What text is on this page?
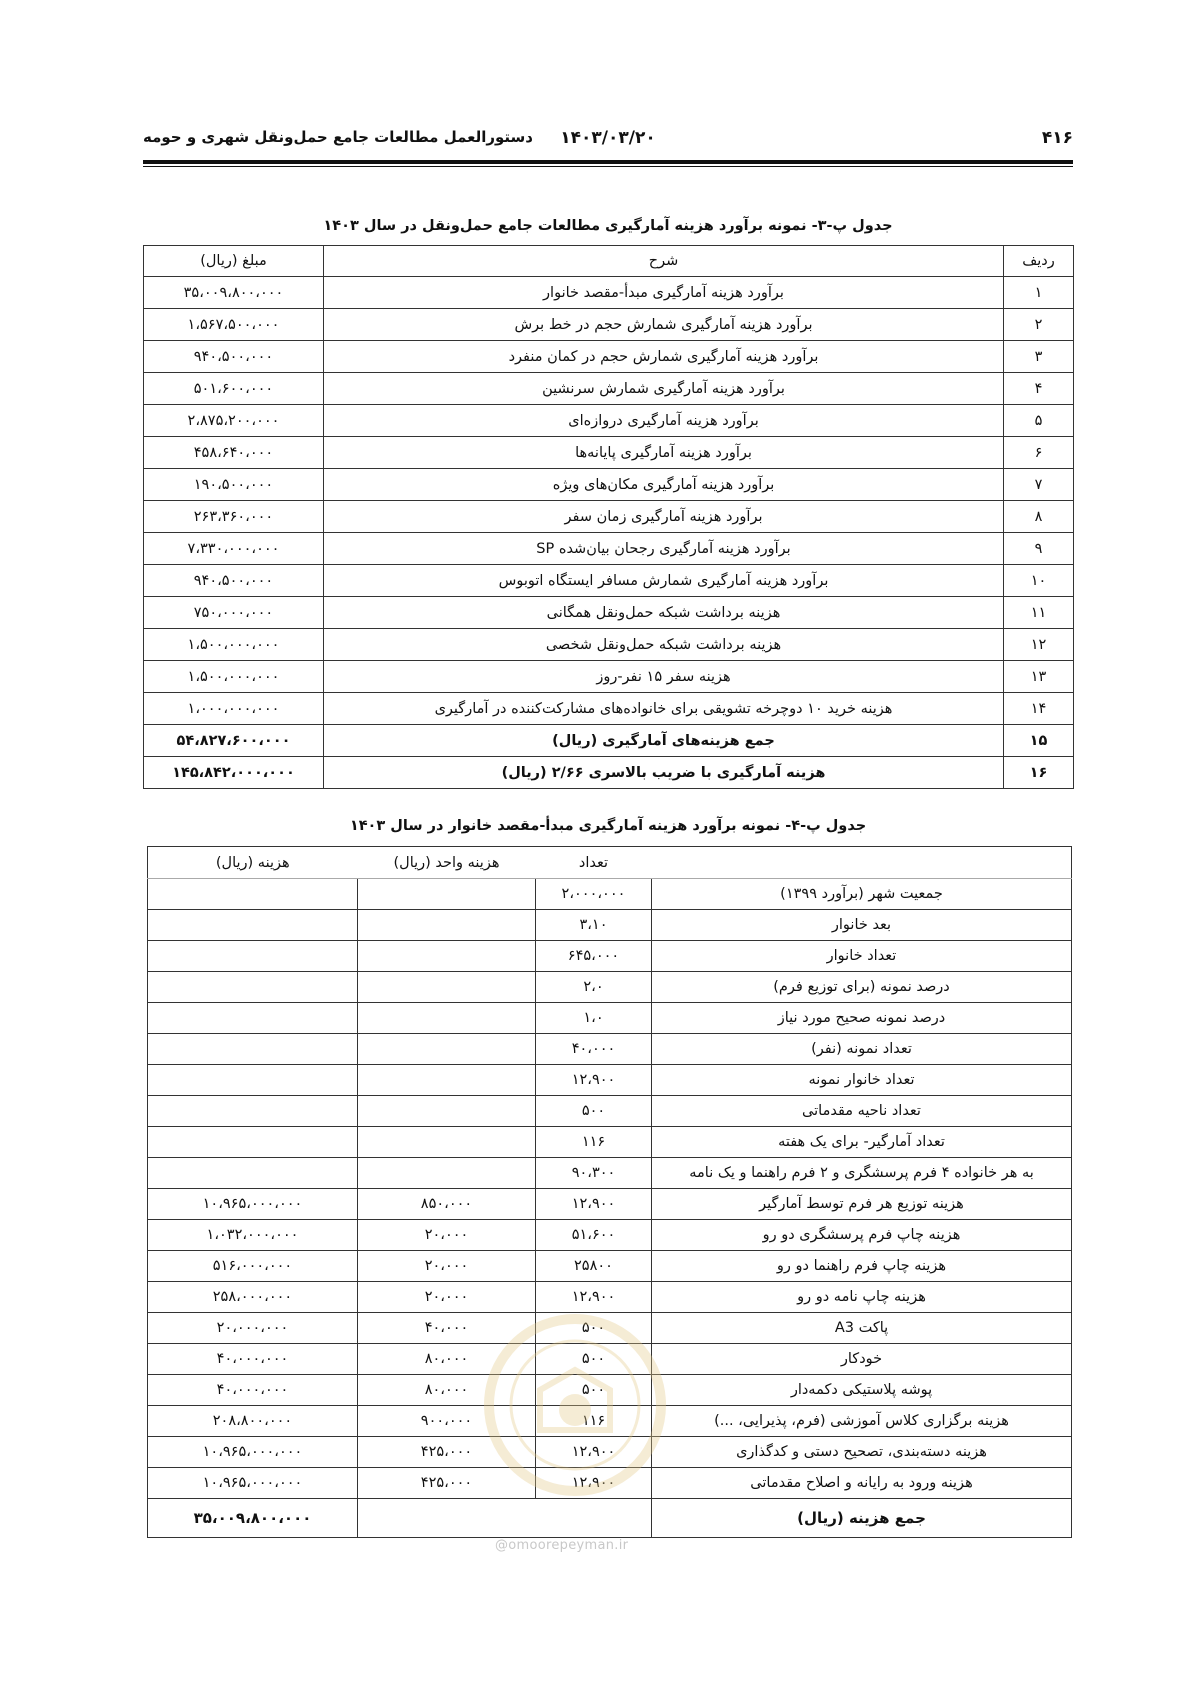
۴۱۶
۱۴۰۳/۰۳/۲۰
دستورالعمل مطالعات جامع حمل‌ونقل شهری و حومه
جدول پ-۳- نمونه برآورد هزینه آمارگیری مطالعات جامع حمل‌ونقل در سال ۱۴۰۳
ردیف	شرح	مبلغ (ریال)
۱	برآورد هزینه آمارگیری مبدأ-مقصد خانوار	۳۵،۰۰۹،۸۰۰،۰۰۰
۲	برآورد هزینه آمارگیری شمارش حجم در خط برش	۱،۵۶۷،۵۰۰،۰۰۰
۳	برآورد هزینه آمارگیری شمارش حجم در کمان منفرد	۹۴۰،۵۰۰،۰۰۰
۴	برآورد هزینه آمارگیری شمارش سرنشین	۵۰۱،۶۰۰،۰۰۰
۵	برآورد هزینه آمارگیری دروازه‌ای	۲،۸۷۵،۲۰۰،۰۰۰
۶	برآورد هزینه آمارگیری پایانه‌ها	۴۵۸،۶۴۰،۰۰۰
۷	برآورد هزینه آمارگیری مکان‌های ویژه	۱۹۰،۵۰۰،۰۰۰
۸	برآورد هزینه آمارگیری زمان سفر	۲۶۳،۳۶۰،۰۰۰
۹	برآورد هزینه آمارگیری رجحان بیان‌شده SP	۷،۳۳۰،۰۰۰،۰۰۰
۱۰	برآورد هزینه آمارگیری شمارش مسافر ایستگاه اتوبوس	۹۴۰،۵۰۰،۰۰۰
۱۱	هزینه برداشت شبکه حمل‌ونقل همگانی	۷۵۰،۰۰۰،۰۰۰
۱۲	هزینه برداشت شبکه حمل‌ونقل شخصی	۱،۵۰۰،۰۰۰،۰۰۰
۱۳	هزینه سفر ۱۵ نفر-روز	۱،۵۰۰،۰۰۰،۰۰۰
۱۴	هزینه خرید ۱۰ دوچرخه تشویقی برای خانواده‌های مشارکت‌کننده در آمارگیری	۱،۰۰۰،۰۰۰،۰۰۰
۱۵	جمع هزینه‌های آمارگیری (ریال)	۵۴،۸۲۷،۶۰۰،۰۰۰
۱۶	هزینه آمارگیری با ضریب بالاسری ۲/۶۶ (ریال)	۱۴۵،۸۴۲،۰۰۰،۰۰۰
جدول پ-۴- نمونه برآورد هزینه آمارگیری مبدأ-مقصد خانوار در سال ۱۴۰۳
	تعداد	هزینه واحد (ریال)	هزینه (ریال)
جمعیت شهر (برآورد ۱۳۹۹)	۲،۰۰۰،۰۰۰		
بعد خانوار	۳،۱۰		
تعداد خانوار	۶۴۵،۰۰۰		
درصد نمونه (برای توزیع فرم)	۲،۰		
درصد نمونه صحیح مورد نیاز	۱،۰		
تعداد نمونه (نفر)	۴۰،۰۰۰		
تعداد خانوار نمونه	۱۲،۹۰۰		
تعداد ناحیه مقدماتی	۵۰۰		
تعداد آمارگیر- برای یک هفته	۱۱۶		
به هر خانواده ۴ فرم پرسشگری و ۲ فرم راهنما و یک نامه	۹۰،۳۰۰		
هزینه توزیع هر فرم توسط آمارگیر	۱۲،۹۰۰	۸۵۰،۰۰۰	۱۰،۹۶۵،۰۰۰،۰۰۰
هزینه چاپ فرم پرسشگری دو رو	۵۱،۶۰۰	۲۰،۰۰۰	۱،۰۳۲،۰۰۰،۰۰۰
هزینه چاپ فرم راهنما دو رو	۲۵۸۰۰	۲۰،۰۰۰	۵۱۶،۰۰۰،۰۰۰
هزینه چاپ نامه دو رو	۱۲،۹۰۰	۲۰،۰۰۰	۲۵۸،۰۰۰،۰۰۰
پاکت A3	۵۰۰	۴۰،۰۰۰	۲۰،۰۰۰،۰۰۰
خودکار	۵۰۰	۸۰،۰۰۰	۴۰،۰۰۰،۰۰۰
پوشه پلاستیکی دکمه‌دار	۵۰۰	۸۰،۰۰۰	۴۰،۰۰۰،۰۰۰
هزینه برگزاری کلاس آموزشی (فرم، پذیرایی، ...)	۱۱۶	۹۰۰،۰۰۰	۲۰۸،۸۰۰،۰۰۰
هزینه دسته‌بندی، تصحیح دستی و کدگذاری	۱۲،۹۰۰	۴۲۵،۰۰۰	۱۰،۹۶۵،۰۰۰،۰۰۰
هزینه ورود به رایانه و اصلاح مقدماتی	۱۲،۹۰۰	۴۲۵،۰۰۰	۱۰،۹۶۵،۰۰۰،۰۰۰
جمع هزینه (ریال)			۳۵،۰۰۹،۸۰۰،۰۰۰
@omoorepeyman.ir
